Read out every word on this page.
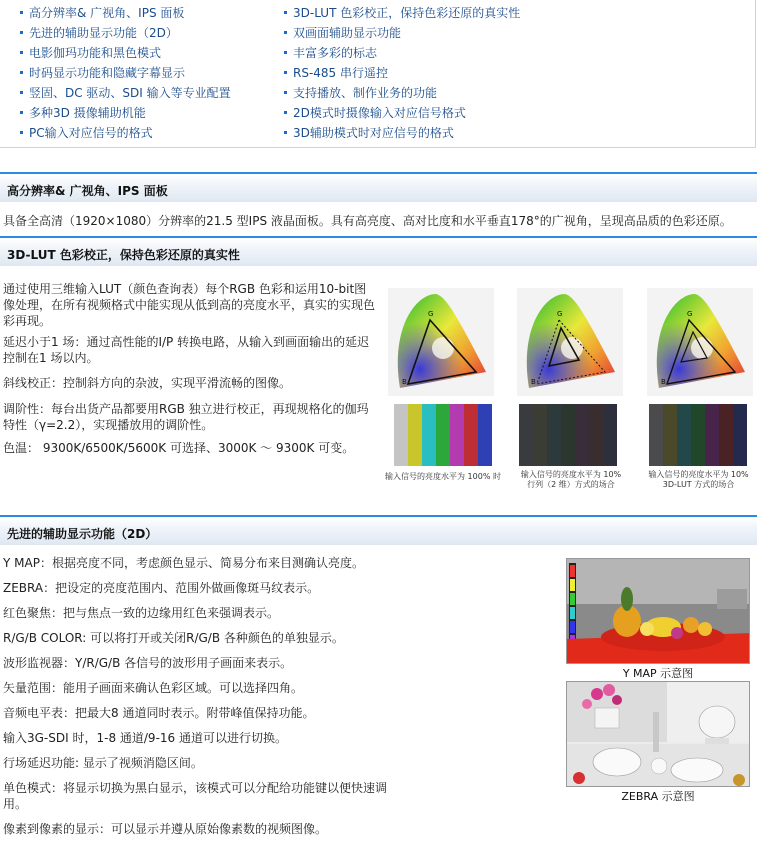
高分辨率& 广视角、IPS 面板
先进的辅助显示功能（2D）
电影伽玛功能和黑色模式
时码显示功能和隐藏字幕显示
竖固、DC 驱动、SDI 输入等专业配置
多种3D 摄像辅助机能
PC输入对应信号的格式
3D-LUT 色彩校正，保持色彩还原的真实性
双画面辅助显示功能
丰富多彩的标志
RS-485 串行遥控
支持播放、制作业务的功能
2D模式时摄像输入对应信号格式
3D辅助模式时对应信号的格式
高分辨率& 广视角、IPS 面板

具备全高清（1920×1080）分辨率的21.5 型IPS 液晶面板。具有高亮度、高对比度和水平垂直178°的广视角，呈现高品质的色彩还原。

3D-LUT 色彩校正，保持色彩还原的真实性

通过使用三维输入LUT（颜色查询表）每个RGB 色彩和运用10-bit图像处理，在所有视频格式中能实现从低到高的亮度水平，真实的实现色彩再现。

延迟小于1 场：通过高性能的I/P 转换电路，从输入到画面输出的延迟控制在1 场以内。

斜线校正：控制斜方向的杂波，实现平滑流畅的图像。

调阶性：每台出货产品都要用RGB 独立进行校正，再现规格化的伽玛特性（γ=2.2），实现播放用的调阶性。

色温： 9300K/6500K/5600K 可选择、3000K ～ 9300K 可变。

G
B
G
B
G
B
输入信号的亮度水平为 100% 时	输入信号的亮度水平为 10%
行列（2 维）方式的场合
输入信号的亮度水平为 10%
3D-LUT 方式的场合
先进的辅助显示功能（2D）

Y MAP：根据亮度不同，考虑颜色显示、简易分布来目测确认亮度。

ZEBRA：把设定的亮度范围内、范围外做画像斑马纹表示。

红色聚焦：把与焦点一致的边缘用红色来强调表示。

R/G/B COLOR: 可以将打开或关闭R/G/B 各种颜色的单独显示。

波形监视器：Y/R/G/B 各信号的波形用子画面来表示。

矢量范围：能用子画面来确认色彩区域。可以选择四角。

音频电平表：把最大8 通道同时表示。附带峰值保持功能。

输入3G-SDI 时，1-8 通道/9-16 通道可以进行切换。

行场延迟功能: 显示了视频消隐区间。

单色模式：将显示切换为黑白显示，该模式可以分配给功能键以便快速调用。

像素到像素的显示：可以显示并遵从原始像素数的视频图像。

Y MAP 示意图
ZEBRA 示意图
